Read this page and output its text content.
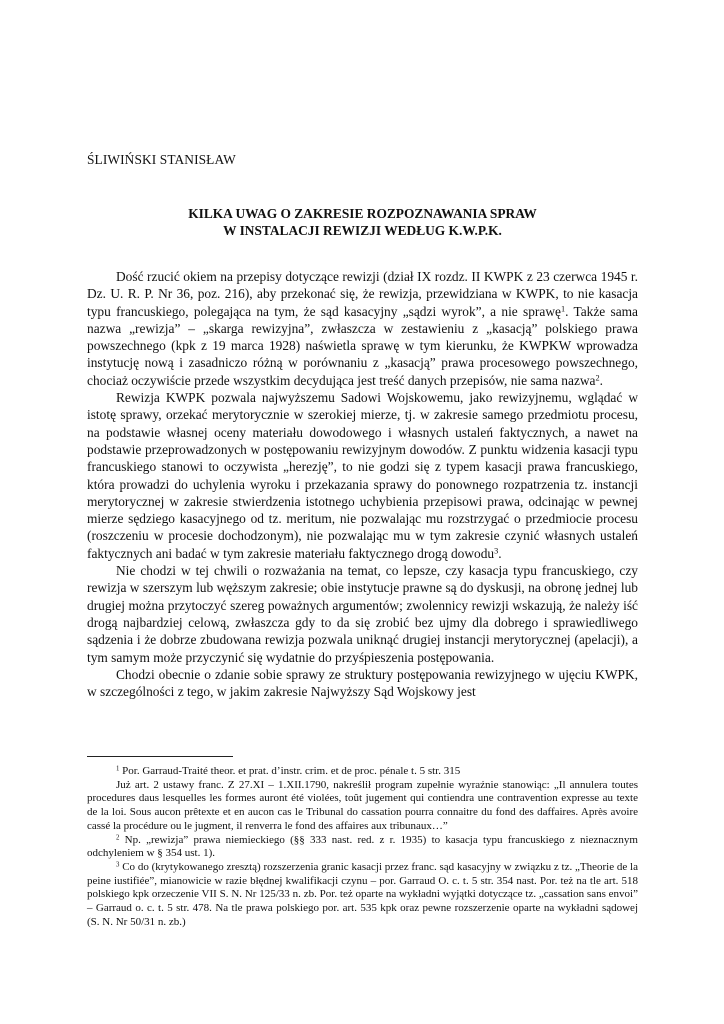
ŚLIWIŃSKI STANISŁAW
KILKA UWAG O ZAKRESIE ROZPOZNAWANIA SPRAW
W INSTALACJI REWIZJI WEDŁUG K.W.P.K.

Dość rzucić okiem na przepisy dotyczące rewizji (dział IX rozdz. II KWPK z 23 czerwca 1945 r. Dz. U. R. P. Nr 36, poz. 216), aby przekonać się, że rewizja, przewidziana w KWPK, to nie kasacja typu francuskiego, polegająca na tym, że sąd kasacyjny „sądzi wyrok”, a nie sprawę$^1$. Także sama nazwa „rewizja” – „skarga rewizyjna”, zwłaszcza w zestawieniu z „kasacją” polskiego prawa powszechnego (kpk z 19 marca 1928) naświetla sprawę w tym kierunku, że KWPKW wprowadza instytucję nową i zasadniczo różną w porównaniu z „kasacją” prawa procesowego powszechnego, chociaż oczywiście przede wszystkim decydująca jest treść danych przepisów, nie sama nazwa$^2$.

Rewizja KWPK pozwala najwyższemu Sadowi Wojskowemu, jako rewizyjnemu, wglądać w istotę sprawy, orzekać merytorycznie w szerokiej mierze, tj. w zakresie samego przedmiotu procesu, na podstawie własnej oceny materiału dowodowego i własnych ustaleń faktycznych, a nawet na podstawie przeprowadzonych w postępowaniu rewizyjnym dowodów. Z punktu widzenia kasacji typu francuskiego stanowi to oczywista „herezję”, to nie godzi się z typem kasacji prawa francuskiego, która prowadzi do uchylenia wyroku i przekazania sprawy do ponownego rozpatrzenia tz. instancji merytorycznej w zakresie stwierdzenia istotnego uchybienia przepisowi prawa, odcinając w pewnej mierze sędziego kasacyjnego od tz. meritum, nie pozwalając mu rozstrzygać o przedmiocie procesu (roszczeniu w procesie dochodzonym), nie pozwalając mu w tym zakresie czynić własnych ustaleń faktycznych ani badać w tym zakresie materiału faktycznego drogą dowodu$^3$.

Nie chodzi w tej chwili o rozważania na temat, co lepsze, czy kasacja typu francuskiego, czy rewizja w szerszym lub węższym zakresie; obie instytucje prawne są do dyskusji, na obronę jednej lub drugiej można przytoczyć szereg poważnych argumentów; zwolennicy rewizji wskazują, że należy iść drogą najbardziej celową, zwłaszcza gdy to da się zrobić bez ujmy dla dobrego i sprawiedliwego sądzenia i że dobrze zbudowana rewizja pozwala uniknąć drugiej instancji merytorycznej (apelacji), a tym samym może przyczynić się wydatnie do przyśpieszenia postępowania.

Chodzi obecnie o zdanie sobie sprawy ze struktury postępowania rewizyjnego w ujęciu KWPK, w szczególności z tego, w jakim zakresie Najwyższy Sąd Wojskowy jest

$^1$ Por. Garraud-Traité theor. et prat. d’instr. crim. et de proc. pénale t. 5 str. 315

Już art. 2 ustawy franc. Z 27.XI – 1.XII.1790, nakreślił program zupełnie wyraźnie stanowiąc: „Il annulera toutes procedures daus lesquelles les formes auront été violées, toût jugement qui contiendra une contravention expresse au texte de la loi. Sous aucon prêtexte et en aucon cas le Tribunal do cassation pourra connaitre du fond des daffaires. Après avoire cassé la procédure ou le jugment, il renverra le fond des affaires aux tribunaux…”

$^2$ Np. „rewizja” prawa niemieckiego (§§ 333 nast. red. z r. 1935) to kasacja typu francuskiego z nieznacznym odchyleniem w § 354 ust. 1).

$^3$ Co do (krytykowanego zresztą) rozszerzenia granic kasacji przez franc. sąd kasacyjny w związku z tz. „Theorie de la peine iustifiée”, mianowicie w razie błędnej kwalifikacji czynu – por. Garraud O. c. t. 5 str. 354 nast. Por. też na tle art. 518 polskiego kpk orzeczenie VII S. N. Nr 125/33 n. zb. Por. też oparte na wykładni wyjątki dotyczące tz. „cassation sans envoi” – Garraud o. c. t. 5 str. 478. Na tle prawa polskiego por. art. 535 kpk oraz pewne rozszerzenie oparte na wykładni sądowej (S. N. Nr 50/31 n. zb.)
